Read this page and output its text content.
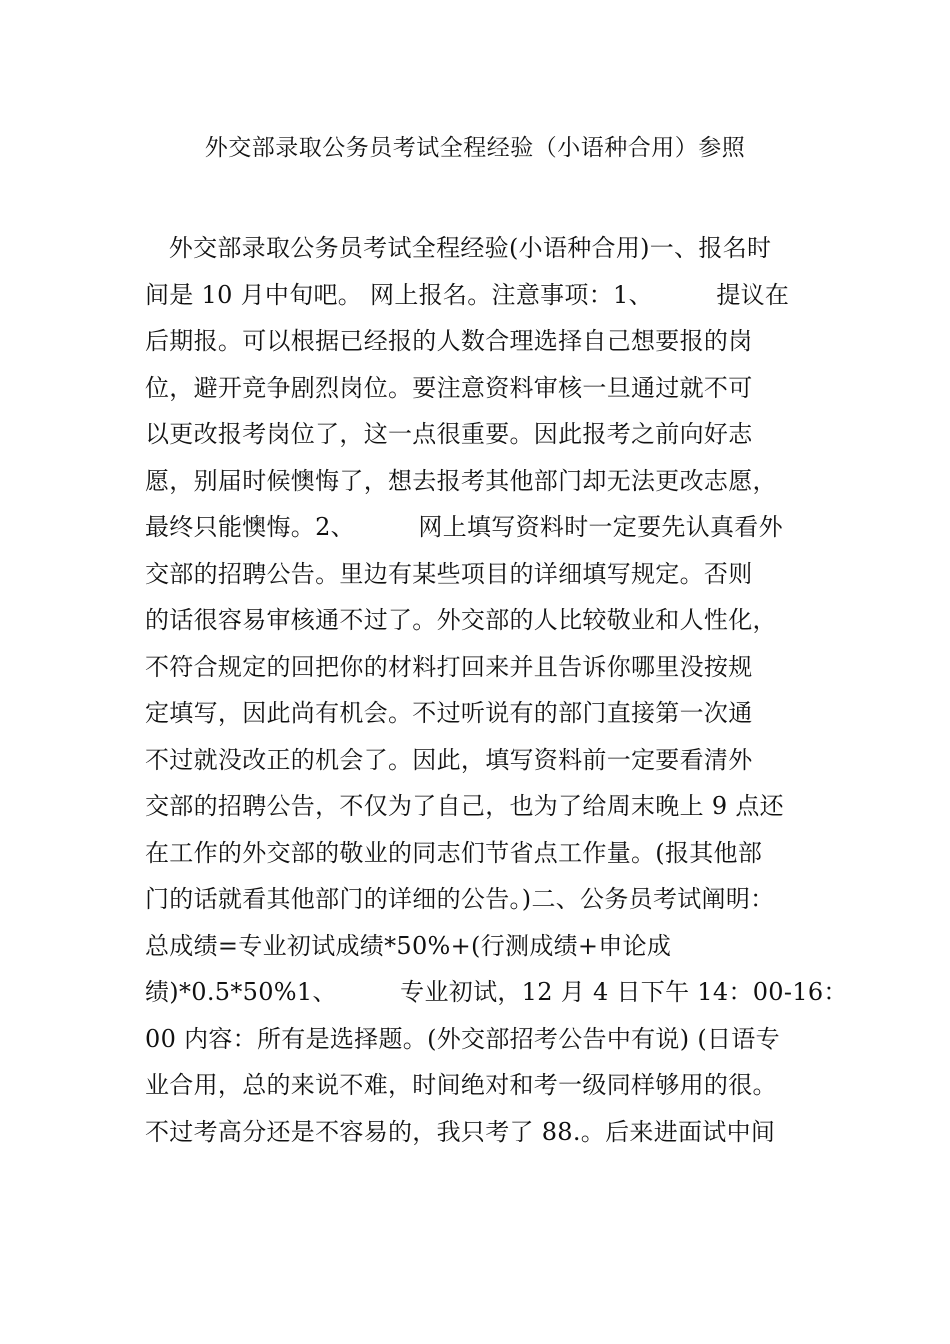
外交部录取公务员考试全程经验（小语种合用）参照
外交部录取公务员考试全程经验(小语种合用)一、报名时
间是 10 月中旬吧。 网上报名。注意事项：1、        提议在
后期报。可以根据已经报的人数合理选择自己想要报的岗
位，避开竞争剧烈岗位。要注意资料审核一旦通过就不可
以更改报考岗位了，这一点很重要。因此报考之前向好志
愿，别届时候懊悔了，想去报考其他部门却无法更改志愿，
最终只能懊悔。2、        网上填写资料时一定要先认真看外
交部的招聘公告。里边有某些项目的详细填写规定。否则
的话很容易审核通不过了。外交部的人比较敬业和人性化，
不符合规定的回把你的材料打回来并且告诉你哪里没按规
定填写，因此尚有机会。不过听说有的部门直接第一次通
不过就没改正的机会了。因此，填写资料前一定要看清外
交部的招聘公告，不仅为了自己，也为了给周末晚上 9 点还
在工作的外交部的敬业的同志们节省点工作量。(报其他部
门的话就看其他部门的详细的公告。)二、公务员考试阐明：
总成绩=专业初试成绩*50%+(行测成绩+申论成
绩)*0.5*50%1、        专业初试，12 月 4 日下午 14：00-16：
00 内容：所有是选择题。(外交部招考公告中有说) (日语专
业合用，总的来说不难，时间绝对和考一级同样够用的很。
不过考高分还是不容易的，我只考了 88.。后来进面试中间
